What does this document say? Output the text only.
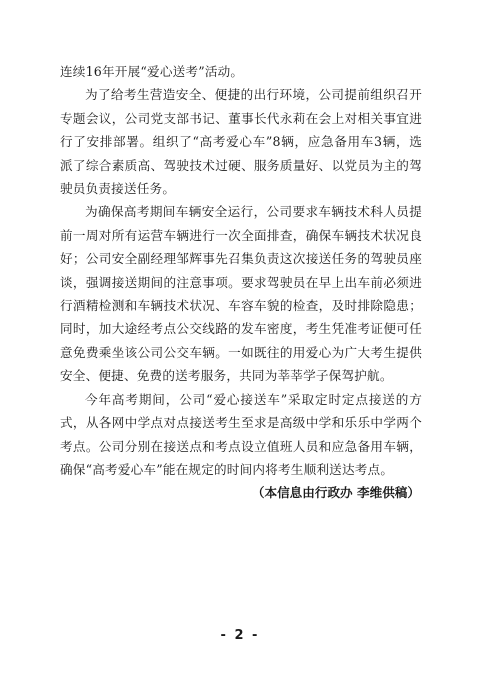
连续16年开展“爱心送考”活动。

为了给考生营造安全、便捷的出行环境，公司提前组织召开专题会议，公司党支部书记、董事长代永莉在会上对相关事宜进行了安排部署。组织了“高考爱心车”8辆，应急备用车3辆，选派了综合素质高、驾驶技术过硬、服务质量好、以党员为主的驾驶员负责接送任务。

为确保高考期间车辆安全运行，公司要求车辆技术科人员提前一周对所有运营车辆进行一次全面排查，确保车辆技术状况良好；公司安全副经理邹辉事先召集负责这次接送任务的驾驶员座谈，强调接送期间的注意事项。要求驾驶员在早上出车前必须进行酒精检测和车辆技术状况、车容车貌的检查，及时排除隐患；同时，加大途经考点公交线路的发车密度，考生凭准考证便可任意免费乘坐该公司公交车辆。一如既往的用爱心为广大考生提供安全、便捷、免费的送考服务，共同为莘莘学子保驾护航。

今年高考期间，公司“爱心接送车”采取定时定点接送的方式，从各网中学点对点接送考生至求是高级中学和乐乐中学两个考点。公司分别在接送点和考点设立值班人员和应急备用车辆，确保“高考爱心车”能在规定的时间内将考生顺利送达考点。

（本信息由行政办 李维供稿）

- 2 -
